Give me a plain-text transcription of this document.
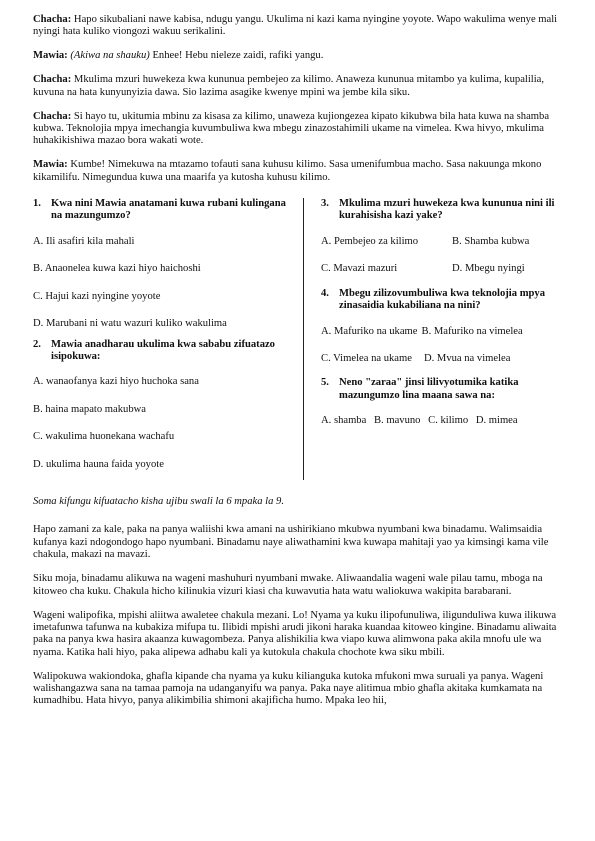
Chacha: Hapo sikubaliani nawe kabisa, ndugu yangu. Ukulima ni kazi kama nyingine yoyote. Wapo wakulima wenye mali nyingi hata kuliko viongozi wakuu serikalini.

Mawia: (Akiwa na shauku) Enhee! Hebu nieleze zaidi, rafiki yangu.

Chacha: Mkulima mzuri huwekeza kwa kununua pembejeo za kilimo. Anaweza kununua mitambo ya kulima, kupalilia, kuvuna na hata kunyunyizia dawa. Sio lazima asagike kwenye mpini wa jembe kila siku.

Chacha: Si hayo tu, ukitumia mbinu za kisasa za kilimo, unaweza kujiongezea kipato kikubwa bila hata kuwa na shamba kubwa. Teknolojia mpya imechangia kuvumbuliwa kwa mbegu zinazostahimili ukame na vimelea. Kwa hivyo, mkulima huhakikishiwa mazao bora wakati wote.

Mawia: Kumbe! Nimekuwa na mtazamo tofauti sana kuhusu kilimo. Sasa umenifumbua macho. Sasa nakuunga mkono kikamilifu. Nimegundua kuwa una maarifa ya kutosha kuhusu kilimo.

1. Kwa nini Mawia anatamani kuwa rubani kulingana na mazungumzo?
A. Ili asafiri kila mahali
B. Anaonelea kuwa kazi hiyo haichoshi
C. Hajui kazi nyingine yoyote
D. Marubani ni watu wazuri kuliko wakulima
2. Mawia anadharau ukulima kwa sababu zifuatazo isipokuwa:
A. wanaofanya kazi hiyo huchoka sana
B. haina mapato makubwa
C. wakulima huonekana wachafu
D. ukulima hauna faida yoyote
3. Mkulima mzuri huwekeza kwa kununua nini ili kurahisisha kazi yake?
A. Pembejeo za kilimo	B. Shamba kubwa
C. Mavazi mazuri	D. Mbegu nyingi
4. Mbegu zilizovumbuliwa kwa teknolojia mpya zinasaidia kukabiliana na nini?
A. Mafuriko na ukame B. Mafuriko na vimelea
C. Vimelea na ukame D. Mvua na vimelea
5. Neno "zaraa" jinsi lilivyotumika katika mazungumzo lina maana sawa na:
A. shamba B. mavuno C. kilimo D. mimea

Soma kifungu kifuatacho kisha ujibu swali la 6 mpaka la 9.

Hapo zamani za kale, paka na panya waliishi kwa amani na ushirikiano mkubwa nyumbani kwa binadamu. Walimsaidia kufanya kazi ndogondogo hapo nyumbani. Binadamu naye aliwathamini kwa kuwapa mahitaji yao ya kimsingi kama vile chakula, makazi na mavazi.

Siku moja, binadamu alikuwa na wageni mashuhuri nyumbani mwake. Aliwaandalia wageni wale pilau tamu, mboga na kitoweo cha kuku. Chakula hicho kilinukia vizuri kiasi cha kuwavutia hata watu waliokuwa wakipita barabarani.

Wageni walipofika, mpishi aliitwa awaletee chakula mezani. Lo! Nyama ya kuku ilipofunuliwa, iligunduliwa kuwa ilikuwa imetafunwa tafunwa na kubakiza mifupa tu. Ilibidi mpishi arudi jikoni haraka kuandaa kitoweo kingine. Binadamu aliwaita paka na panya kwa hasira akaanza kuwagombeza. Panya alishikilia kwa viapo kuwa alimwona paka akila mnofu ule wa nyama. Katika hali hiyo, paka alipewa adhabu kali ya kutokula chakula chochote kwa siku mbili.

Walipokuwa wakiondoka, ghafla kipande cha nyama ya kuku kilianguka kutoka mfukoni mwa suruali ya panya. Wageni walishangazwa sana na tamaa pamoja na udanganyifu wa panya. Paka naye alitimua mbio ghafla akitaka kumkamata na kumadhibu. Hata hivyo, panya alikimbilia shimoni akajificha humo. Mpaka leo hii,
